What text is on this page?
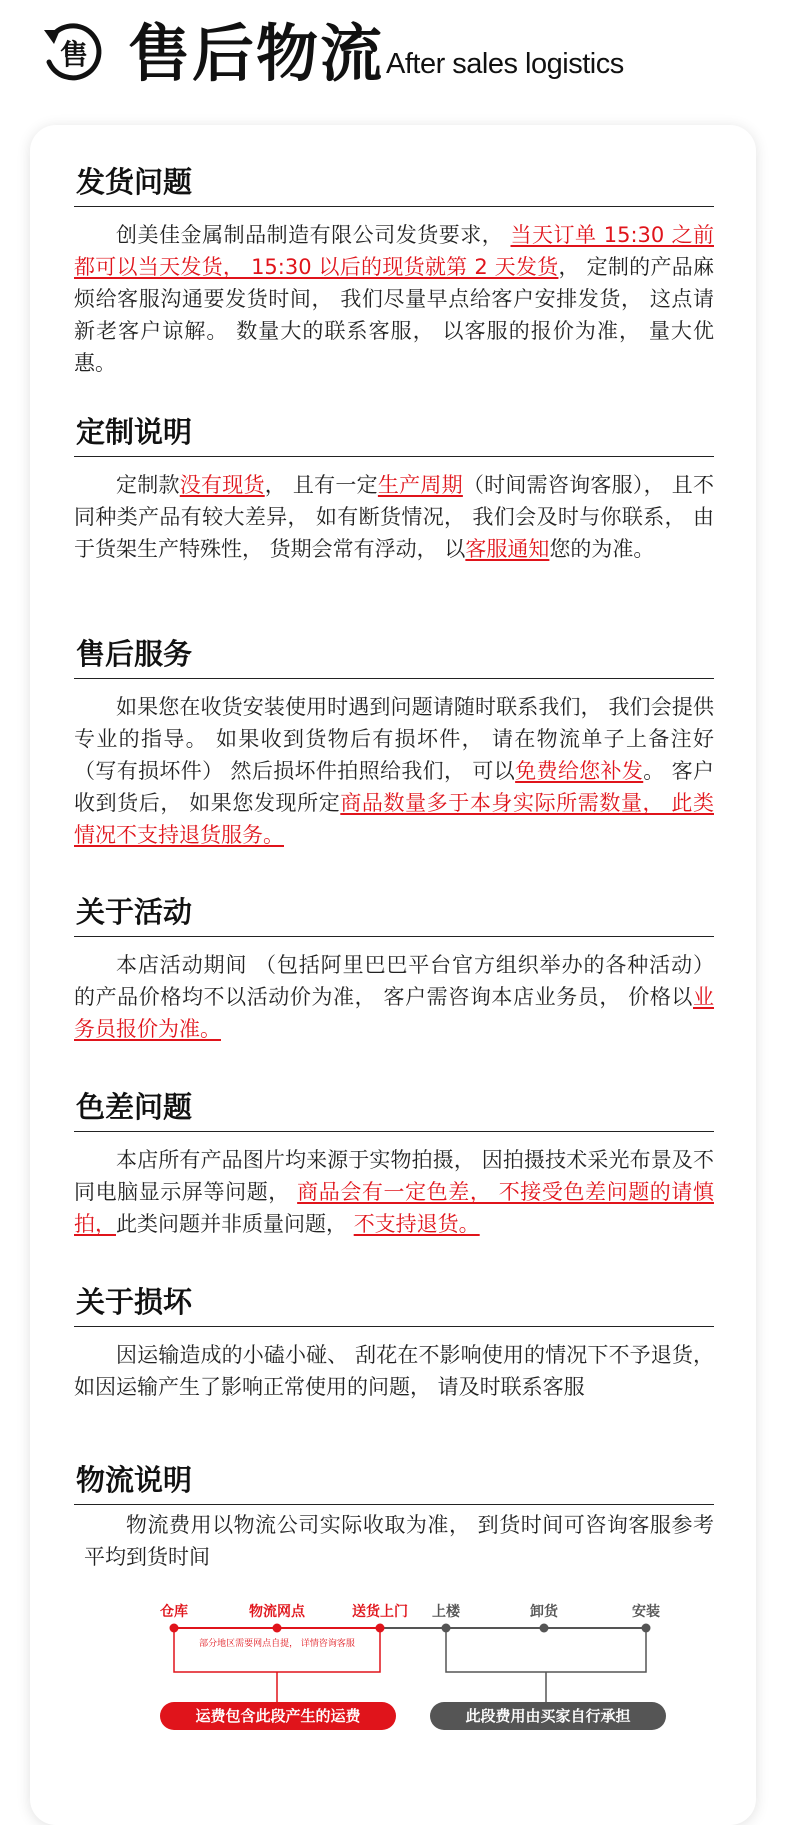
售 售后物流 After sales logistics
发货问题

创美佳金属制品制造有限公司发货要求， 当天订单 15:30 之前都可以当天发货， 15:30 以后的现货就第 2 天发货， 定制的产品麻烦给客服沟通要发货时间， 我们尽量早点给客户安排发货， 这点请新老客户谅解。 数量大的联系客服， 以客服的报价为准， 量大优惠。

定制说明

定制款没有现货， 且有一定生产周期（时间需咨询客服）， 且不同种类产品有较大差异， 如有断货情况， 我们会及时与你联系， 由于货架生产特殊性， 货期会常有浮动， 以客服通知您的为准。

售后服务

如果您在收货安装使用时遇到问题请随时联系我们， 我们会提供专业的指导。 如果收到货物后有损坏件， 请在物流单子上备注好 （写有损坏件） 然后损坏件拍照给我们， 可以免费给您补发。 客户收到货后， 如果您发现所定商品数量多于本身实际所需数量， 此类情况不支持退货服务。

关于活动

本店活动期间 （包括阿里巴巴平台官方组织举办的各种活动） 的产品价格均不以活动价为准， 客户需咨询本店业务员， 价格以业务员报价为准。

色差问题

本店所有产品图片均来源于实物拍摄， 因拍摄技术采光布景及不同电脑显示屏等问题， 商品会有一定色差， 不接受色差问题的请慎拍，此类问题并非质量问题， 不支持退货。

关于损坏

因运输造成的小磕小碰、 刮花在不影响使用的情况下不予退货， 如因运输产生了影响正常使用的问题， 请及时联系客服

物流说明

物流费用以物流公司实际收取为准， 到货时间可咨询客服参考平均到货时间

仓库	物流网点	送货上门 上楼	卸货	安装
部分地区需要网点自提， 详情咨询客服
运费包含此段产生的运费	此段费用由买家自行承担
